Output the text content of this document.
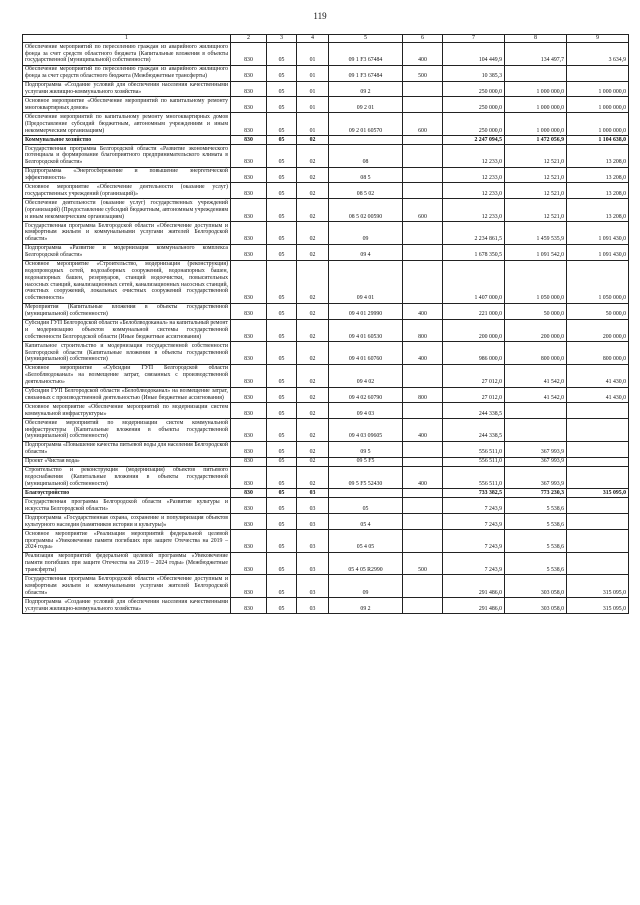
119
1	2	3	4	5	6	7	8	9
Обеспечение мероприятий по переселению граждан из аварийного жилищного фонда за счет средств областного бюджета (Капитальные вложения в объекты государственной (муниципальной) собственности)	830	05	01	09 1 F3 67484	400	104 449,9	134 497,7	3 634,9
Обеспечение мероприятий по переселению граждан из аварийного жилищного фонда за счет средств областного бюджета (Межбюджетные трансферты)	830	05	01	09 1 F3 67484	500	10 385,3		
Подпрограмма «Создание условий для обеспечения населения качественными услугами жилищно-коммунального хозяйства»	830	05	01	09 2		250 000,0	1 000 000,0	1 000 000,0
Основное мероприятие «Обеспечение мероприятий по капитальному ремонту многоквартирных домов»	830	05	01	09 2 01		250 000,0	1 000 000,0	1 000 000,0
Обеспечение мероприятий по капитальному ремонту многоквартирных домов (Предоставление субсидий бюджетным, автономным учреждениям и иным некоммерческим организациям)	830	05	01	09 2 01 60570	600	250 000,0	1 000 000,0	1 000 000,0
Коммунальное хозяйство	830	05	02			2 247 094,5	1 472 056,9	1 104 638,0
Государственная программа Белгородской области «Развитие экономического потенциала и формирование благоприятного предпринимательского климата в Белгородской области»	830	05	02	08		12 233,0	12 521,0	13 208,0
Подпрограмма «Энергосбережение и повышение энергетической эффективности»	830	05	02	08 5		12 233,0	12 521,0	13 208,0
Основное мероприятие «Обеспечение деятельности (оказание услуг) государственных учреждений (организаций)»	830	05	02	08 5 02		12 233,0	12 521,0	13 208,0
Обеспечение деятельности (оказание услуг) государственных учреждений (организаций) (Предоставление субсидий бюджетным, автономным учреждениям и иным некоммерческим организациям)	830	05	02	08 5 02 00590	600	12 233,0	12 521,0	13 208,0
Государственная программа Белгородской области «Обеспечение доступным и комфортным жильем и коммунальными услугами жителей Белгородской области»	830	05	02	09		2 234 861,5	1 459 535,9	1 091 430,0
Подпрограмма «Развитие и модернизация коммунального комплекса Белгородской области»	830	05	02	09 4		1 678 350,5	1 091 542,0	1 091 430,0
Основное мероприятие «Строительство, модернизация (реконструкция) водопроводных сетей, водозаборных сооружений, водонапорных башен, водонапорных башен, резервуаров, станций водоочистки, повысительных насосных станций, канализационных сетей, канализационных насосных станций, очистных сооружений, локальных очистных сооружений государственной собственности»	830	05	02	09 4 01		1 407 000,0	1 050 000,0	1 050 000,0
Мероприятия (Капитальные вложения в объекты государственной (муниципальной) собственности)	830	05	02	09 4 01 29990	400	221 000,0	50 000,0	50 000,0
Субсидия ГУП Белгородской области «Белоблводоканал» на капитальный ремонт и модернизацию объектов коммунальной системы государственной собственности Белгородской области (Иные бюджетные ассигнования)	830	05	02	09 4 01 60530	800	200 000,0	200 000,0	200 000,0
Капитальное строительство и модернизация государственной собственности Белгородской области (Капитальные вложения в объекты государственной (муниципальной) собственности)	830	05	02	09 4 01 60760	400	986 000,0	800 000,0	800 000,0
Основное мероприятие «Субсидии ГУП Белгородской области «Белоблводоканал» на возмещение затрат, связанных с производственной деятельностью»	830	05	02	09 4 02		27 012,0	41 542,0	41 430,0
Субсидия ГУП Белгородской области «Белоблводоканал» на возмещение затрат, связанных с производственной деятельностью (Иные бюджетные ассигнования)	830	05	02	09 4 02 60790	800	27 012,0	41 542,0	41 430,0
Основное мероприятие «Обеспечение мероприятий по модернизации систем коммунальной инфраструктуры»	830	05	02	09 4 03		244 338,5		
Обеспечение мероприятий по модернизации систем коммунальной инфраструктуры (Капитальные вложения в объекты государственной (муниципальной) собственности)	830	05	02	09 4 03 09605	400	244 338,5		
Подпрограмма «Повышение качества питьевой воды для населения Белгородской области»	830	05	02	09 5		556 511,0	367 993,9	
Проект «Чистая вода»	830	05	02	09 5 F5		556 511,0	367 993,9	
Строительство и реконструкция (модернизация) объектов питьевого водоснабжения (Капитальные вложения в объекты государственной (муниципальной) собственности)	830	05	02	09 5 F5 52430	400	556 511,0	367 993,9	
Благоустройство	830	05	03			733 382,5	773 230,3	315 095,0
Государственная программа Белгородской области «Развитие культуры и искусства Белгородской области»	830	05	03	05		7 243,9	5 538,6	
Подпрограмма «Государственная охрана, сохранение и популяризация объектов культурного наследия (памятников истории и культуры)»	830	05	03	05 4		7 243,9	5 538,6	
Основное мероприятие «Реализация мероприятий федеральной целевой программы «Увековечение памяти погибших при защите Отечества на 2019 – 2024 годы»	830	05	03	05 4 05		7 243,9	5 538,6	
Реализация мероприятий федеральной целевой программы «Увековечение памяти погибших при защите Отечества на 2019 – 2024 годы» (Межбюджетные трансферты)	830	05	03	05 4 05 R2990	500	7 243,9	5 538,6	
Государственная программа Белгородской области «Обеспечение доступным и комфортным жильем и коммунальными услугами жителей Белгородской области»	830	05	03	09		291 486,0	303 058,0	315 095,0
Подпрограмма «Создание условий для обеспечения населения качественными услугами жилищно-коммунального хозяйства»	830	05	03	09 2		291 486,0	303 058,0	315 095,0
